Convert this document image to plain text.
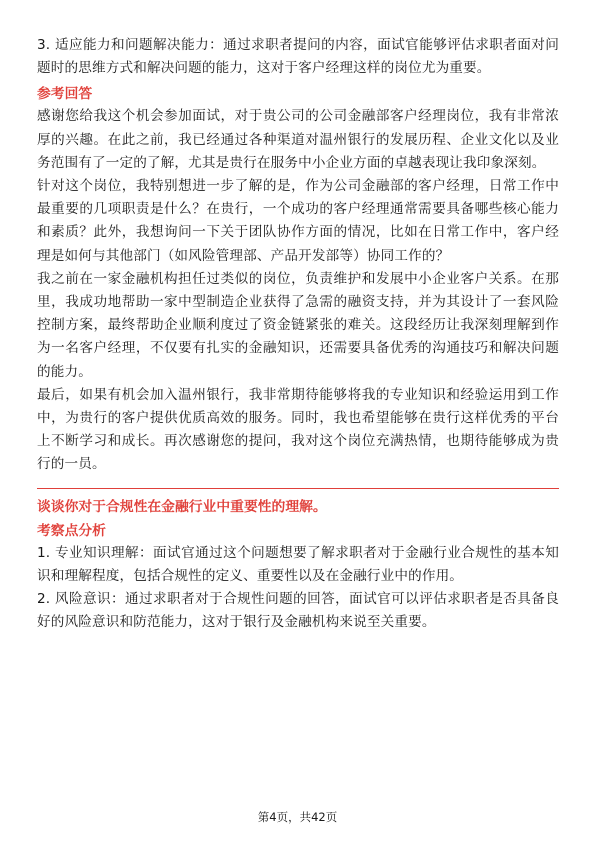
3. 适应能力和问题解决能力：通过求职者提问的内容，面试官能够评估求职者面对问题时的思维方式和解决问题的能力，这对于客户经理这样的岗位尤为重要。

参考回答

感谢您给我这个机会参加面试，对于贵公司的公司金融部客户经理岗位，我有非常浓厚的兴趣。在此之前，我已经通过各种渠道对温州银行的发展历程、企业文化以及业务范围有了一定的了解，尤其是贵行在服务中小企业方面的卓越表现让我印象深刻。

针对这个岗位，我特别想进一步了解的是，作为公司金融部的客户经理，日常工作中最重要的几项职责是什么？在贵行，一个成功的客户经理通常需要具备哪些核心能力和素质？此外，我想询问一下关于团队协作方面的情况，比如在日常工作中，客户经理是如何与其他部门（如风险管理部、产品开发部等）协同工作的？

我之前在一家金融机构担任过类似的岗位，负责维护和发展中小企业客户关系。在那里，我成功地帮助一家中型制造企业获得了急需的融资支持，并为其设计了一套风险控制方案，最终帮助企业顺利度过了资金链紧张的难关。这段经历让我深刻理解到作为一名客户经理，不仅要有扎实的金融知识，还需要具备优秀的沟通技巧和解决问题的能力。

最后，如果有机会加入温州银行，我非常期待能够将我的专业知识和经验运用到工作中，为贵行的客户提供优质高效的服务。同时，我也希望能够在贵行这样优秀的平台上不断学习和成长。再次感谢您的提问，我对这个岗位充满热情，也期待能够成为贵行的一员。

谈谈你对于合规性在金融行业中重要性的理解。

考察点分析

1. 专业知识理解：面试官通过这个问题想要了解求职者对于金融行业合规性的基本知识和理解程度，包括合规性的定义、重要性以及在金融行业中的作用。

2. 风险意识：通过求职者对于合规性问题的回答，面试官可以评估求职者是否具备良好的风险意识和防范能力，这对于银行及金融机构来说至关重要。

第4页，共42页
